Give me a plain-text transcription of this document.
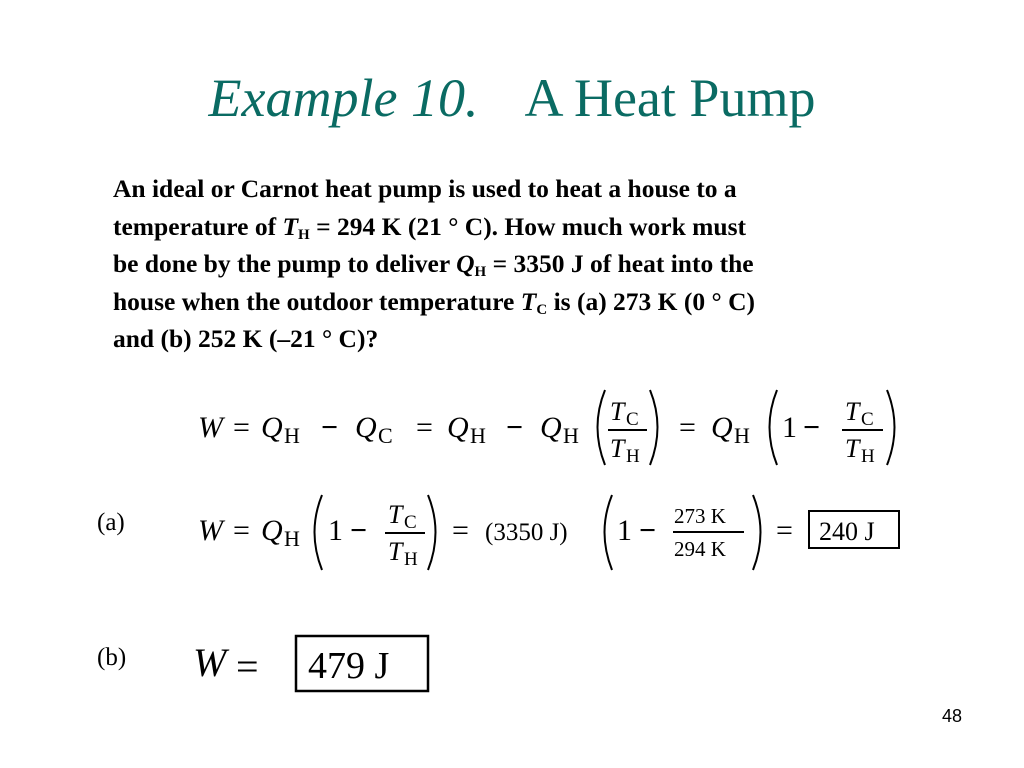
Example 10. A Heat Pump
An ideal or Carnot heat pump is used to heat a house to a
temperature of $T_H = 294$ K (21 ° C). How much work must
be done by the pump to deliver $Q_H = 3350$ J of heat into the
house when the outdoor temperature $T_C$ is (a) 273 K (0 ° C)
and (b) 252 K (–21 ° C)?
W = Q H − Q C = Q H − Q H
T C
T H
= Q H 1 − T C
T H
(a) W = Q H 1 − T C
T H
= (3350 J) 1 − 273 K
294 K
= 240 J
(b) W = 479 J
48
